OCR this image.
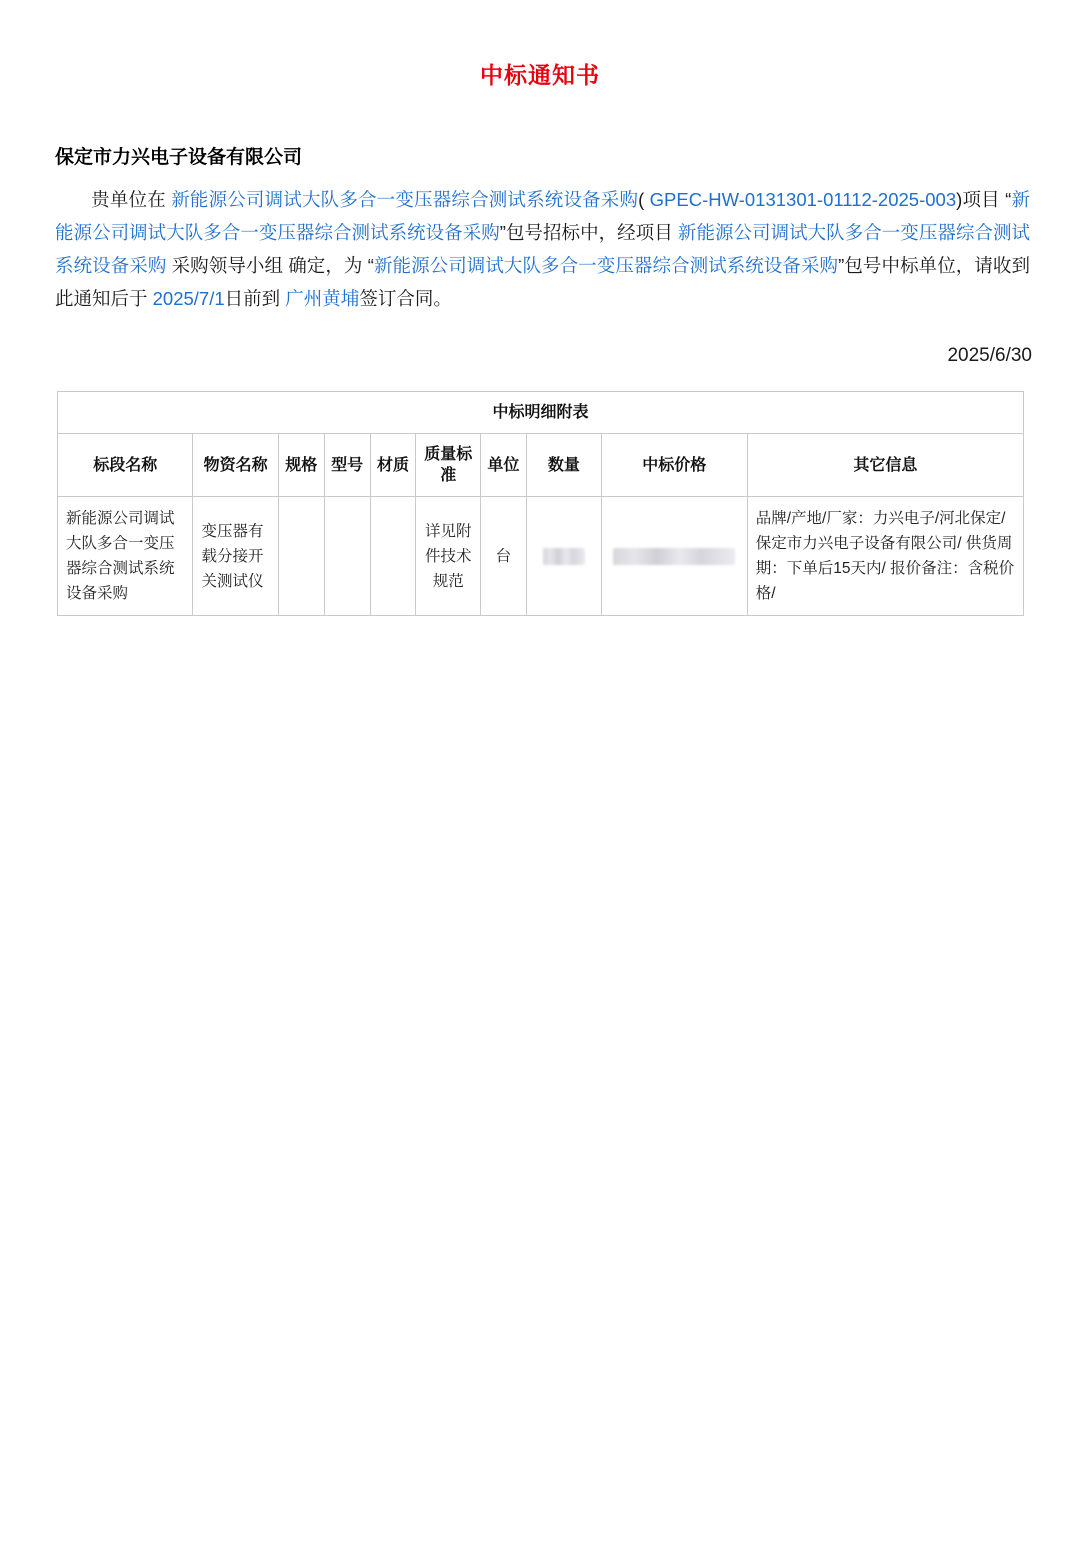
中标通知书
保定市力兴电子设备有限公司
贵单位在 新能源公司调试大队多合一变压器综合测试系统设备采购( GPEC-HW-0131301-01112-2025-003)项目 “新能源公司调试大队多合一变压器综合测试系统设备采购”包号招标中，经项目 新能源公司调试大队多合一变压器综合测试系统设备采购 采购领导小组 确定，为 “新能源公司调试大队多合一变压器综合测试系统设备采购”包号中标单位，请收到此通知后于 2025/7/1日前到 广州黄埔签订合同。
2025/6/30
中标明细附表									
标段名称	物资名称	规格	型号	材质	质量标准	单位	数量	中标价格	其它信息
新能源公司调试大队多合一变压器综合测试系统设备采购	变压器有载分接开关测试仪				详见附件技术规范	台			品牌/产地/厂家：力兴电子/河北保定/保定市力兴电子设备有限公司/ 供货周期：下单后15天内/ 报价备注：含税价格/
